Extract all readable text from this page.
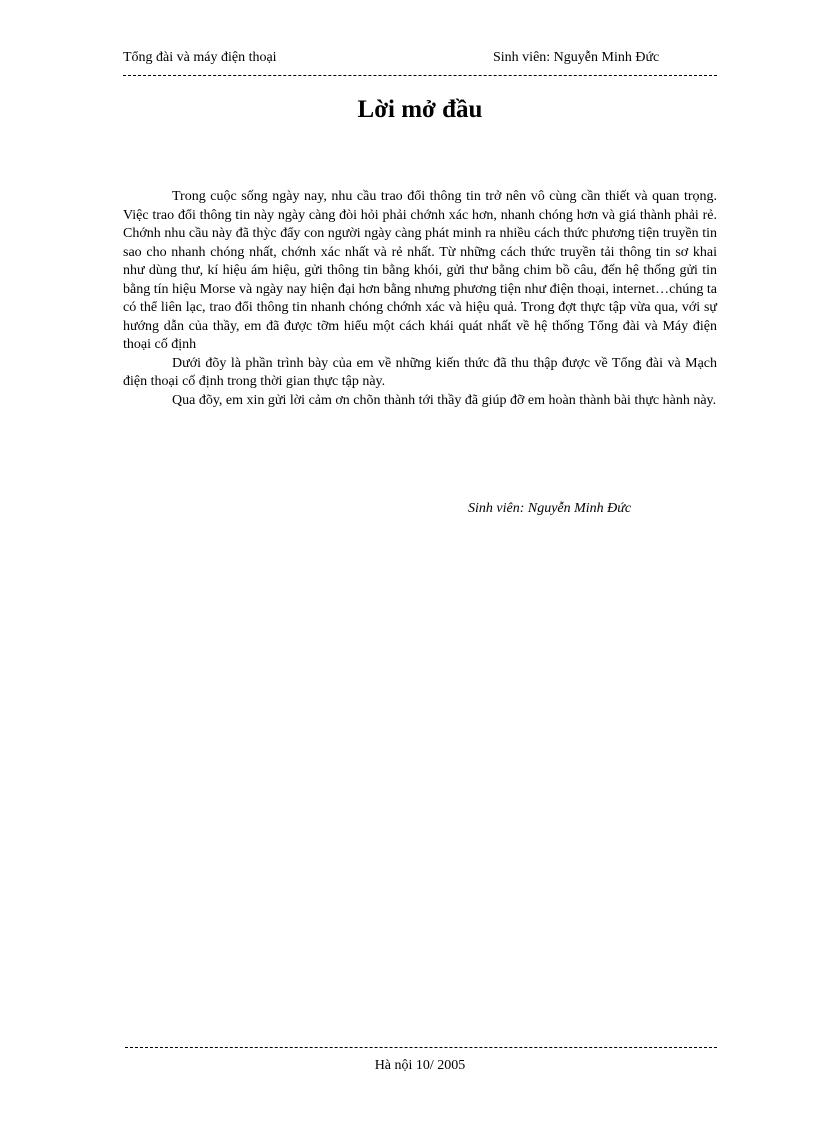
Tổng đài và máy điện thoại	Sinh viên: Nguyễn Minh Đức
Lời mở đầu

Trong cuộc sống ngày nay, nhu cầu trao đổi thông tin trở nên vô cùng cần thiết và quan trọng. Việc trao đổi thông tin này ngày càng đòi hỏi phải chớnh xác hơn, nhanh chóng hơn và giá thành phải rẻ. Chớnh nhu cầu này đã thỳc đẩy con người ngày càng phát minh ra nhiều cách thức phương tiện truyền tin sao cho nhanh chóng nhất, chớnh xác nhất và rẻ nhất. Từ những cách thức truyền tải thông tin sơ khai như dùng thư, kí hiệu ám hiệu, gửi thông tin bằng khói, gửi thư bằng chim bồ câu, đến hệ thống gửi tin bằng tín hiệu Morse và ngày nay hiện đại hơn bằng nhưng phương tiện như điện thoại, internet…chúng ta có thể liên lạc, trao đổi thông tin nhanh chóng chớnh xác và hiệu quả. Trong đợt thực tập vừa qua, với sự hướng dẫn của thầy, em đã được tỡm hiểu một cách khái quát nhất về hệ thống Tổng đài và Máy điện thoại cố định

Dưới đõy là phần trình bày của em về những kiến thức đã thu thập được về Tổng đài và Mạch điện thoại cố định trong thời gian thực tập này.

Qua đõy, em xin gửi lời cảm ơn chõn thành tới thầy đã giúp đỡ em hoàn thành bài thực hành này.

Sinh viên: Nguyễn Minh Đức
Hà nội 10/ 2005
